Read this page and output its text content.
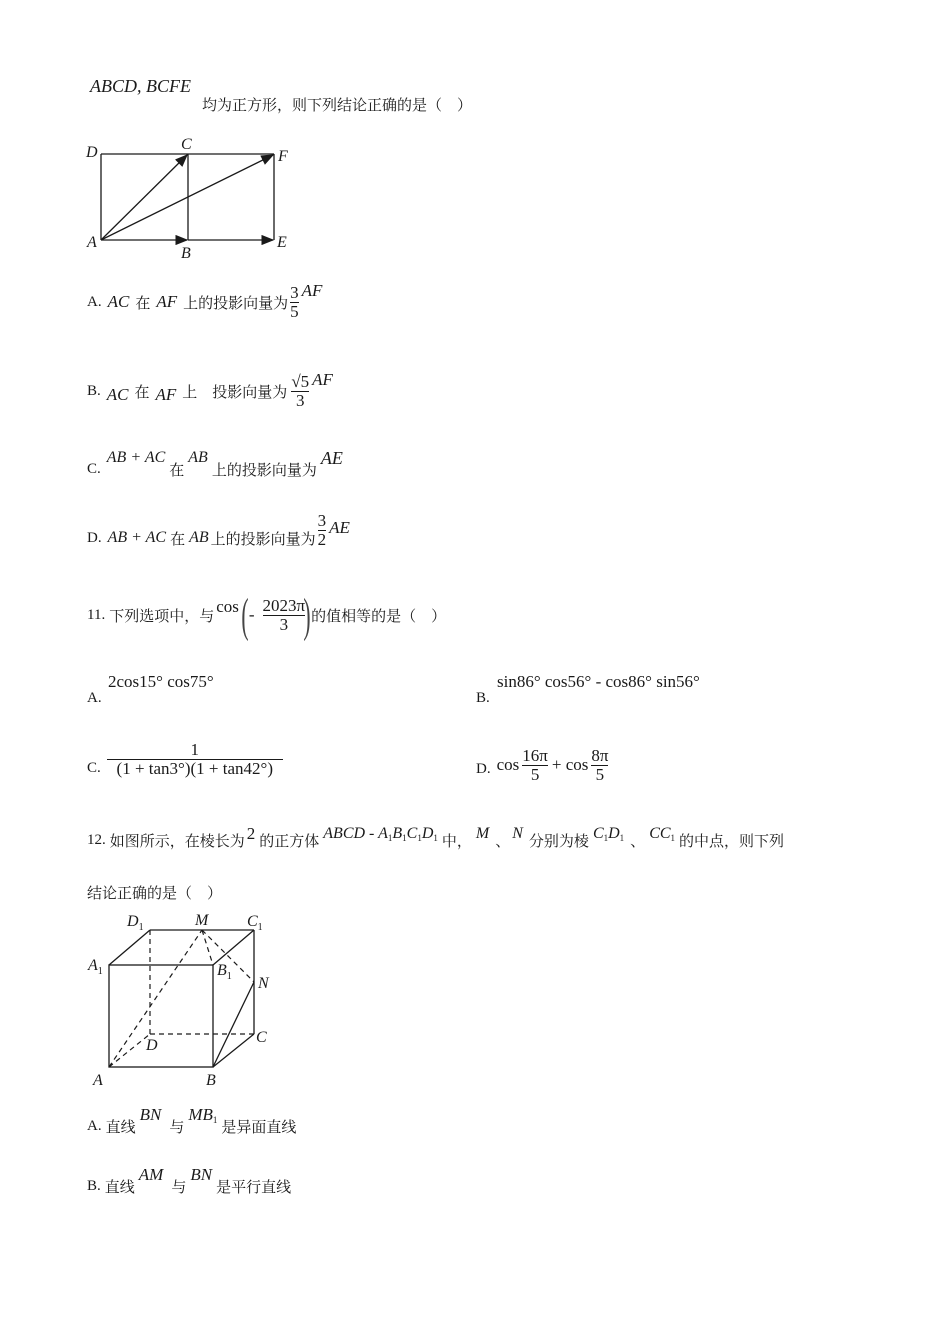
ABCD, BCFE
均为正方形，则下列结论正确的是（　）
D	C
F
A
B
E
A. AC 在 AF 上的投影向量为 $\frac{3}{5}$ AF
B. AC 在 AF 上　投影向量为 $\frac{√5}{3}$ AF
C.
AB + AC
在
AB
上的投影向量为
AE
D. AB + AC 在 AB 上的投影向量为 $\frac{3}{2}$ AE
11. 下列选项中，与
cos ( - $\frac{2023\pi}{3}$
) 的值相等的是（　）
A.
2cos15° cos75°
B.
sin86° cos56° - cos86° sin56°
C. $\frac{1}{(1 + \tan 3^\circ)(1 + \tan 42^\circ)}$	D. $\cos \frac{16\pi}{5} + \cos \frac{8\pi}{5}$
12. 如图所示，在棱长为 2 的正方体 ABCD - A $_1B_1C_1D_1$ 中， M 、 N 分别为棱 $C_1D_1$ 、 $CC_1$ 的中点，则下列
结论正确的是（　）
$D_1$	M $C_1$
$A_1$	$B_1$ N
D	C
A	B
A. 直线
BN
与
$MB_1$ 是异面直线
B. 直线
AM
与
BN
是平行直线
